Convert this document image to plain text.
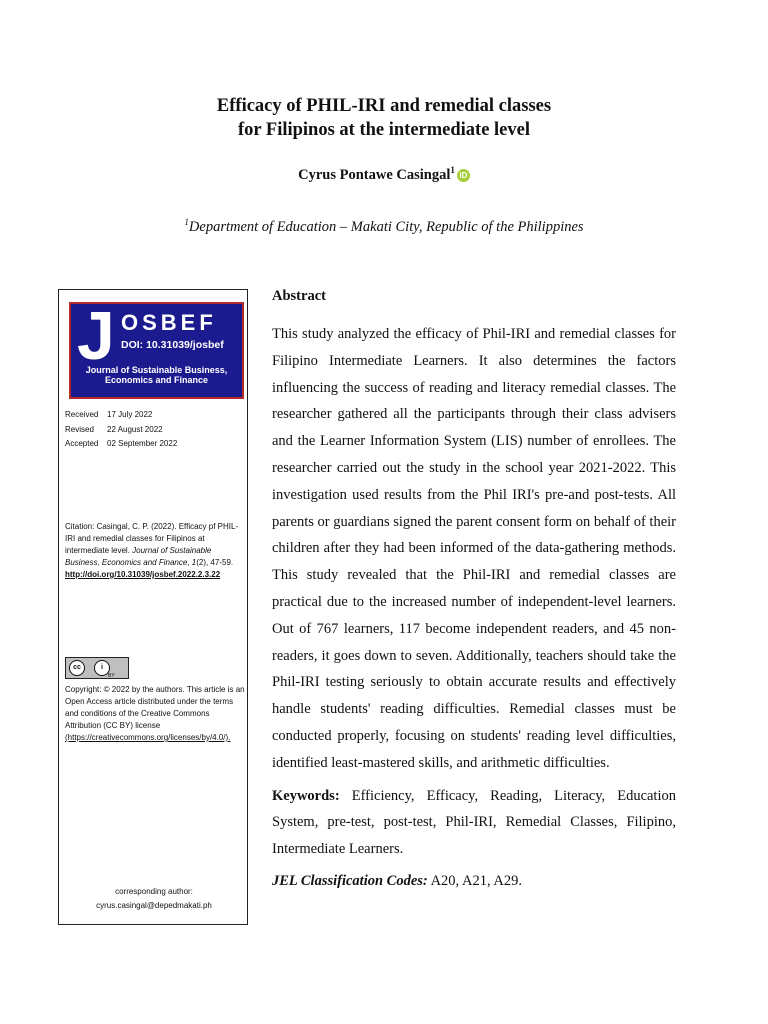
Efficacy of PHIL-IRI and remedial classes
for Filipinos at the intermediate level
Cyrus Pontawe Casingal$^1$iD
$^1$Department of Education – Makati City, Republic of the Philippines
J OSBEF
DOI: 10.31039/josbef
Journal of Sustainable Business,
Economics and Finance
Received 17 July 2022
Revised 22 August 2022
Accepted 02 September 2022
Citation: Casingal, C. P. (2022). Efficacy pf PHIL-IRI and remedial classes for Filipinos at intermediate level. Journal of Sustainable Business, Economics and Finance, 1(2), 47-59. http://doi.org/10.31039/josbef.2022.2.3.22
cc	i
BY
Copyright: © 2022 by the authors. This article is an Open Access article distributed under the terms and conditions of the Creative Commons Attribution (CC BY) license
(https://creativecommons.org/licenses/by/4.0/).
corresponding author:
cyrus.casingal@depedmakati.ph

Abstract

This study analyzed the efficacy of Phil-IRI and remedial classes for Filipino Intermediate Learners. It also determines the factors influencing the success of reading and literacy remedial classes. The researcher gathered all the participants through their class advisers and the Learner Information System (LIS) number of enrollees. The researcher carried out the study in the school year 2021-2022. This investigation used results from the Phil IRI's pre-and post-tests. All parents or guardians signed the parent consent form on behalf of their children after they had been informed of the data-gathering methods. This study revealed that the Phil-IRI and remedial classes are practical due to the increased number of independent-level learners. Out of 767 learners, 117 become independent readers, and 45 non-readers, it goes down to seven. Additionally, teachers should take the Phil-IRI testing seriously to obtain accurate results and effectively handle students' reading difficulties. Remedial classes must be conducted properly, focusing on students' reading level difficulties, identified least-mastered skills, and arithmetic difficulties.

Keywords: Efficiency, Efficacy, Reading, Literacy, Education System, pre-test, post-test, Phil-IRI, Remedial Classes, Filipino, Intermediate Learners.

JEL Classification Codes: A20, A21, A29.
